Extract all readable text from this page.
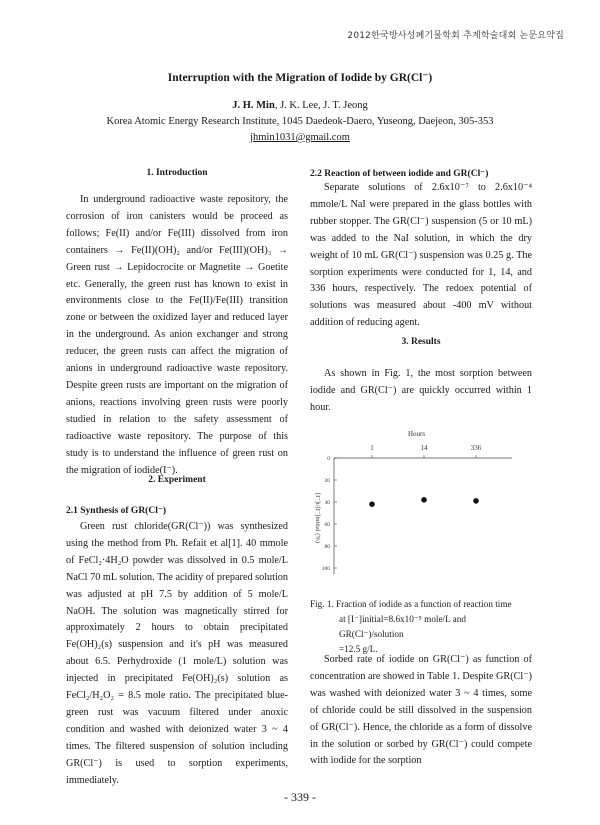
2012한국방사성폐기물학회 추계학술대회 논문요약집
Interruption with the Migration of Iodide by GR(Cl⁻)
J. H. Min, J. K. Lee, J. T. Jeong
Korea Atomic Energy Research Institute, 1045 Daedeok-Daero, Yuseong, Daejeon, 305-353
jhmin1031@gmail.com
1. Introduction

In underground radioactive waste repository, the corrosion of iron canisters would be proceed as follows; Fe(II) and/or Fe(III) dissolved from iron containers → Fe(II)(OH)₂ and/or Fe(III)(OH)₃ → Green rust → Lepidocrocite or Magnetite → Goetite etc. Generally, the green rust has known to exist in environments close to the Fe(II)/Fe(III) transition zone or between the oxidized layer and reduced layer in the underground. As anion exchanger and strong reducer, the green rusts can affect the migration of anions in underground radioactive waste repository. Despite green rusts are important on the migration of anions, reactions involving green rusts were poorly studied in relation to the safety assessment of radioactive waste repository. The purpose of this study is to understand the influence of green rust on the migration of iodide(I⁻).

2. Experiment
2.1 Synthesis of GR(Cl⁻)

Green rust chloride(GR(Cl⁻)) was synthesized using the method from Ph. Refait et al[1]. 40 mmole of FeCl₂·4H₂O powder was dissolved in 0.5 mole/L NaCl 70 mL solution. The acidity of prepared solution was adjusted at pH 7.5 by addition of 5 mole/L NaOH. The solution was magnetically stirred for approximately 2 hours to obtain precipitated Fe(OH)₂(s) suspension and it's pH was measured about 6.5. Perhydroxide (1 mole/L) solution was injected in precipitated Fe(OH)₂(s) solution as FeCl₂/H₂O₂ = 8.5 mole ratio. The precipitated blue-green rust was vacuum filtered under anoxic condition and washed with deionized water 3 ~ 4 times. The filtered suspension of solution including GR(Cl⁻) is used to sorption experiments, immediately.

2.2 Reaction of between iodide and GR(Cl⁻)

Separate solutions of 2.6x10⁻⁷ to 2.6x10⁻⁴ mmole/L NaI were prepared in the glass bottles with rubber stopper. The GR(Cl⁻) suspension (5 or 10 mL) was added to the NaI solution, in which the dry weight of 10 mL GR(Cl⁻) suspension was 0.25 g. The sorption experiments were conducted for 1, 14, and 336 hours, respectively. The redoex potential of solutions was measured about -400 mV without addition of reducing agent.

3. Results

As shown in Fig. 1, the most sorption between iodide and GR(Cl⁻) are quickly occurred within 1 hour.

Hours
1	14	336
0
20
40
60
80
100
[I⁻]t/[I⁻]initial (%)
Fig. 1. Fraction of iodide as a function of reaction time
at [I⁻]initial=8.6x10⁻⁵ mole/L and GR(Cl⁻)/solution
=12.5 g/L.

Sorbed rate of iodide on GR(Cl⁻) as function of concentration are showed in Table 1. Despite GR(Cl⁻) was washed with deionized water 3 ~ 4 times, some of chloride could be still dissolved in the suspension of GR(Cl⁻). Hence, the chloride as a form of dissolve in the solution or sorbed by GR(Cl⁻) could compete with iodide for the sorption

- 339 -
